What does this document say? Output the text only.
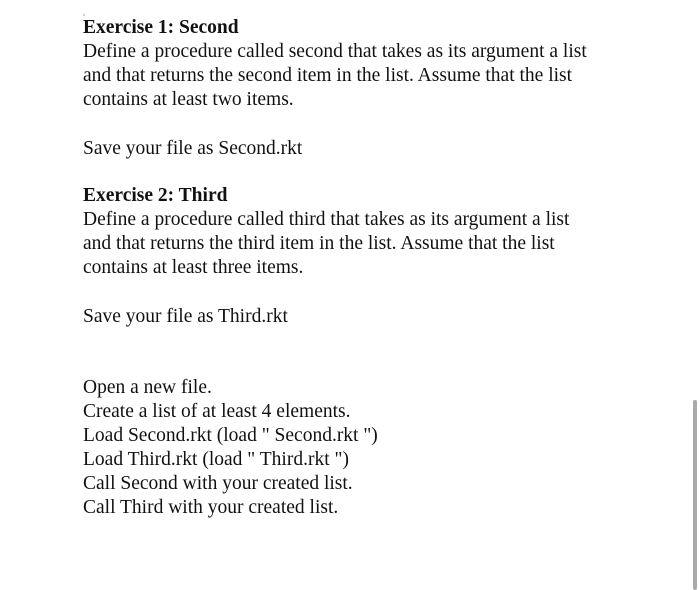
Exercise 1: Second
Define a procedure called second that takes as its argument a list
and that returns the second item in the list. Assume that the list
contains at least two items.
Save your file as Second.rkt
Exercise 2: Third
Define a procedure called third that takes as its argument a list
and that returns the third item in the list. Assume that the list
contains at least three items.
Save your file as Third.rkt
Open a new file.
Create a list of at least 4 elements.
Load Second.rkt (load " Second.rkt ")
Load Third.rkt (load " Third.rkt ")
Call Second with your created list.
Call Third with your created list.
